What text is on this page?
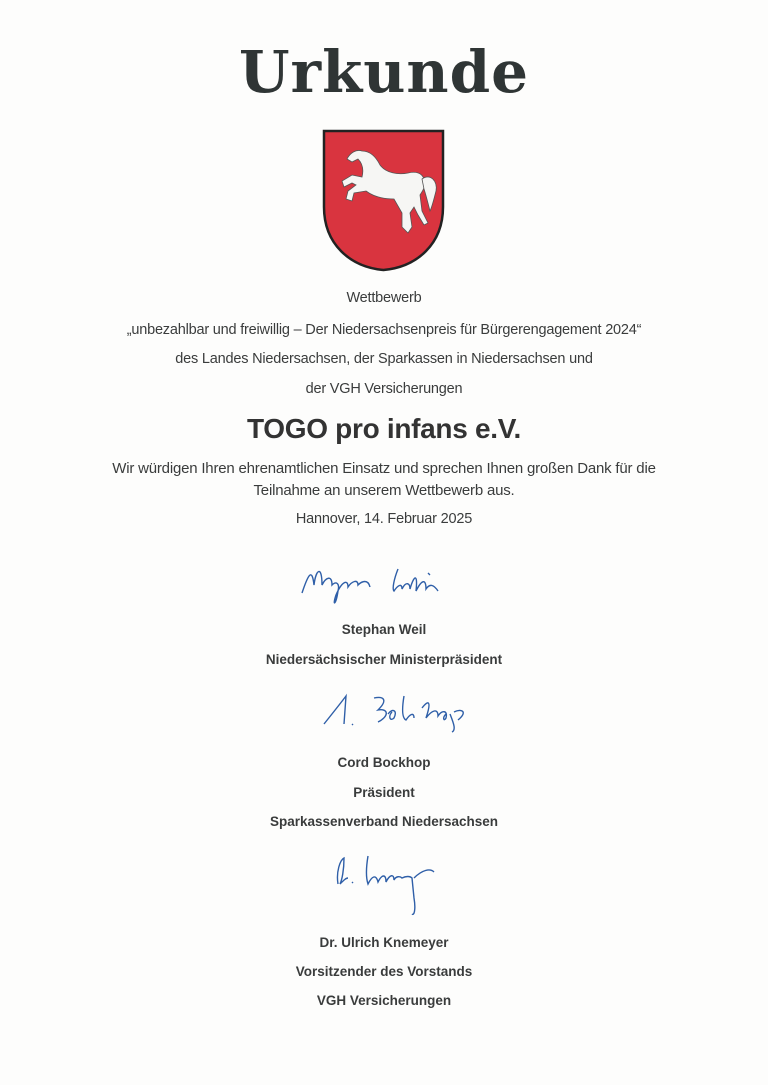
Urkunde
Wettbewerb
„unbezahlbar und freiwillig – Der Niedersachsenpreis für Bürgerengagement 2024“
des Landes Niedersachsen, der Sparkassen in Niedersachsen und
der VGH Versicherungen
TOGO pro infans e.V.
Wir würdigen Ihren ehrenamtlichen Einsatz und sprechen Ihnen großen Dank für die
Teilnahme an unserem Wettbewerb aus.
Hannover, 14. Februar 2025
Stephan Weil
Niedersächsischer Ministerpräsident
Cord Bockhop
Präsident
Sparkassenverband Niedersachsen
Dr. Ulrich Knemeyer
Vorsitzender des Vorstands
VGH Versicherungen
